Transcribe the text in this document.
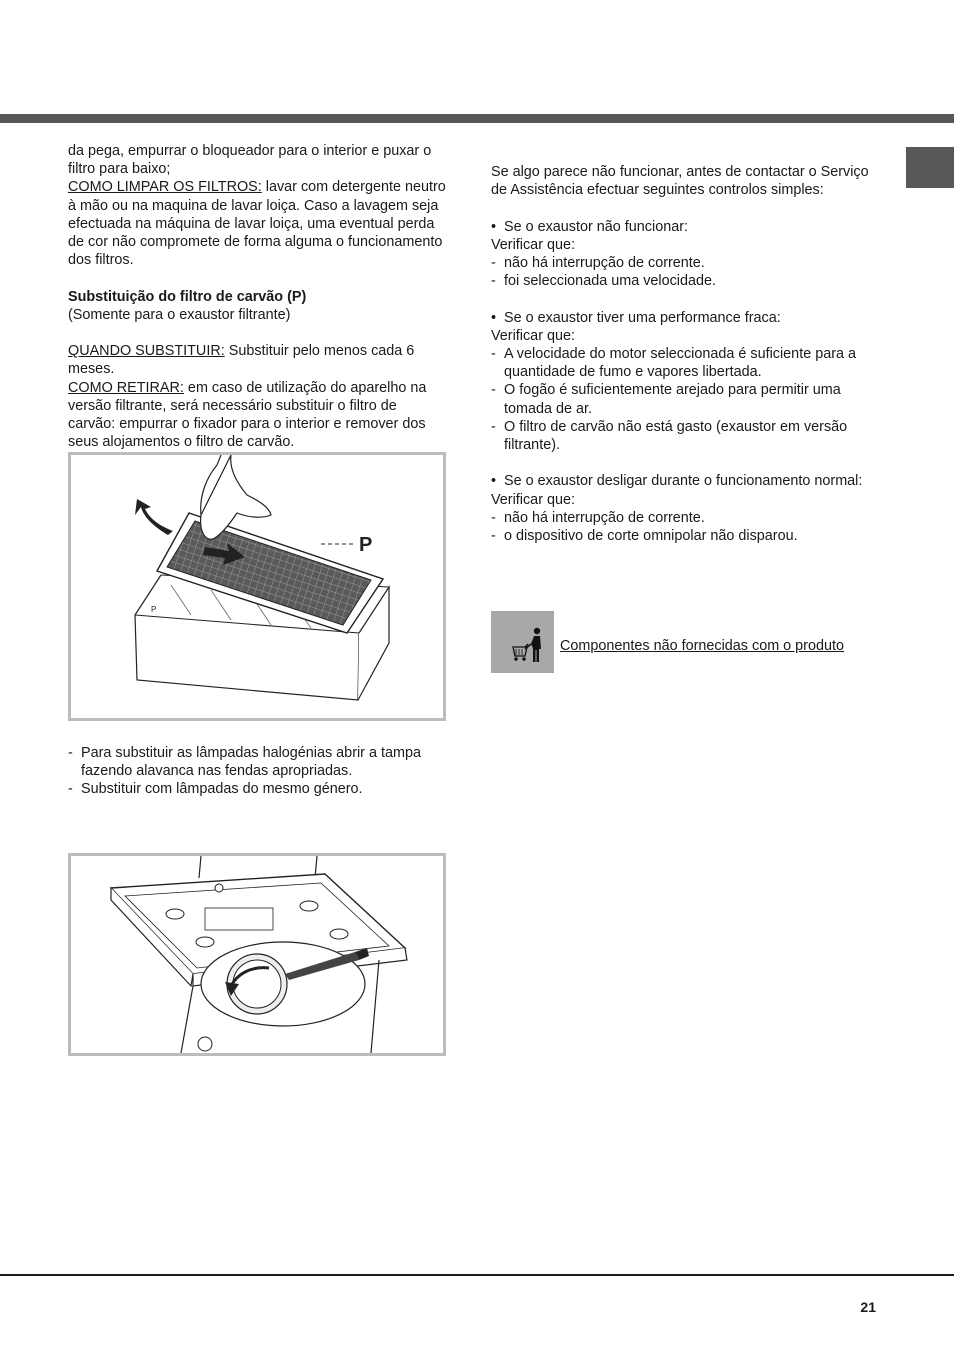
da pega, empurrar o bloqueador para o interior e puxar o filtro para baixo;

COMO LIMPAR OS FILTROS: lavar com detergente neutro à mão ou na maquina de lavar loiça. Caso a lavagem seja efectuada na máquina de lavar loiça, uma eventual perda de cor não compromete de forma alguma o funcionamento dos filtros.

Substituição do filtro de carvão (P)

(Somente para o exaustor filtrante)

QUANDO SUBSTITUIR: Substituir pelo menos cada 6 meses.

COMO RETIRAR: em caso de utilização do aparelho na versão filtrante, será necessário substituir o filtro de carvão: empurrar o fixador para o interior e remover dos seus alojamentos o filtro de carvão.

P
P
- Para substituir as lâmpadas halogénias abrir a tampa fazendo alavanca nas fendas apropriadas.
- Substituir com lâmpadas do mesmo género.

Se algo parece não funcionar, antes de contactar o Serviço de Assistência efectuar seguintes controlos simples:

• Se o exaustor não funcionar:

Verificar que:

- não há interrupção de corrente.
- foi seleccionada uma velocidade.
• Se o exaustor tiver uma performance fraca:

Verificar que:

- A velocidade do motor seleccionada é suficiente para a quantidade de fumo e vapores libertada.
- O fogão é suficientemente arejado para permitir uma tomada de ar.
- O filtro de carvão não está gasto (exaustor em versão filtrante).
• Se o exaustor desligar durante o funcionamento normal:

Verificar que:

- não há interrupção de corrente.
- o dispositivo de corte omnipolar não disparou.
Componentes não fornecidas com o produto
21
